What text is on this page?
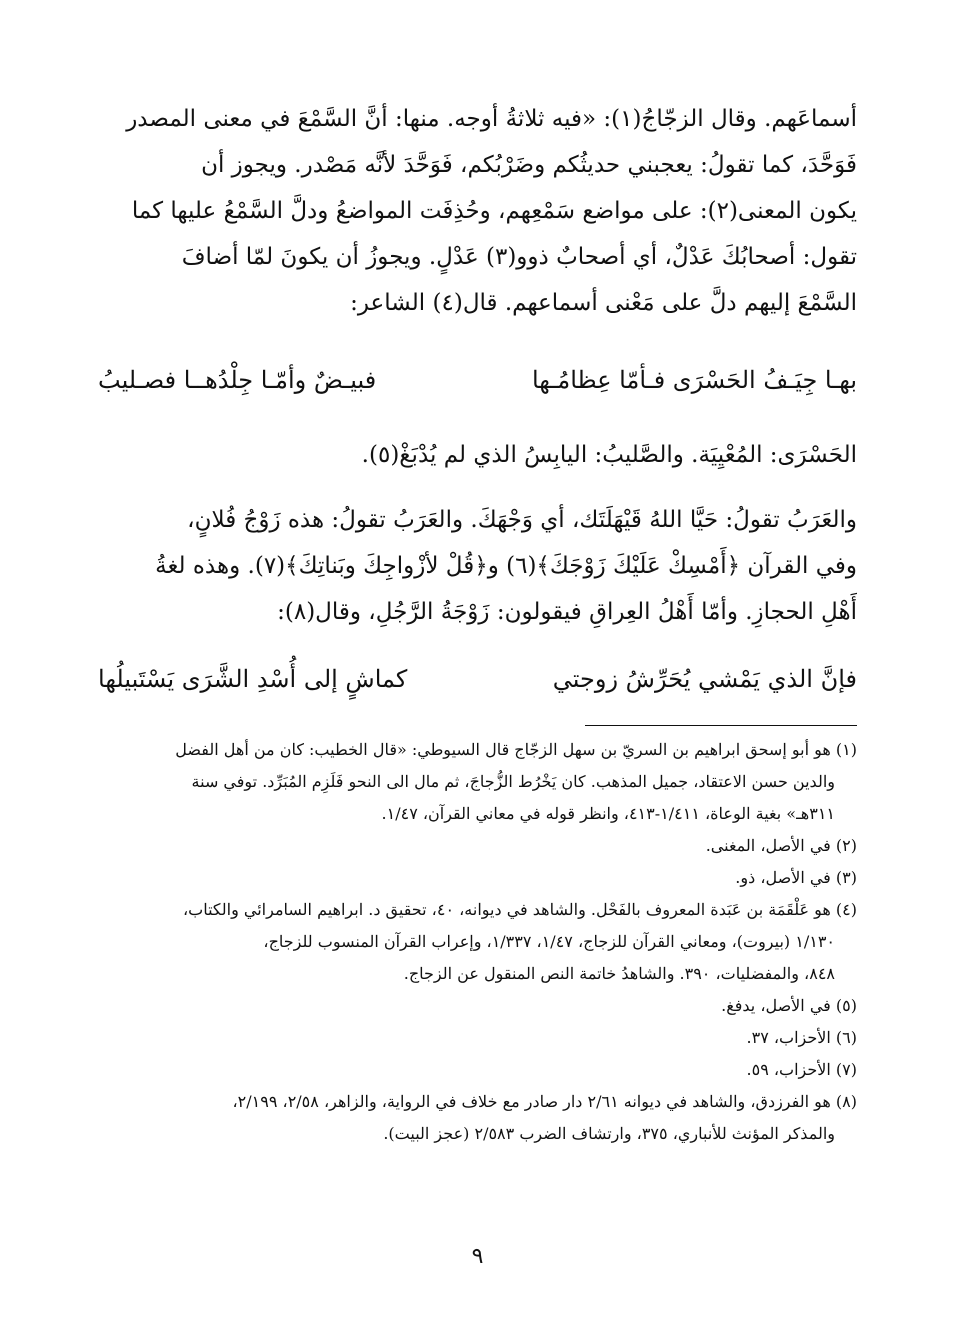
أسماعَهم. وقال الزجّاجُ(١): «فيه ثلاثةُ أوجه. منها: أنَّ السَّمْعَ في معنى المصدر

فَوَحَّدَ، كما تقولُ: يعجبني حديثُكم وضَرْبُكم، فَوَحَّدَ لأنَّه مَصْدر. ويجوز أن

يكون المعنى(٢): على مواضع سَمْعِهم، وحُذِفَت المواضعُ ودلَّ السَّمْعُ عليها كما

تقول: أصحابُكَ عَدْلٌ، أي أصحابٌ ذوو(٣) عَدْلٍ. ويجوزُ أن يكونَ لمّا أضافَ

السَّمْعَ إليهم دلَّ على مَعْنى أسماعهم. قال(٤) الشاعر:

بهـا جِيَـفُ الحَسْرَى فـأمّا عِظامُـها
فبيـضٌ وأمّـا جِلْدُهــا فصـليبُ

الحَسْرَى: المُعْيِيَة. والصَّليبُ: اليابِسُ الذي لم يُدْبَغْ(٥).

والعَرَبُ تقولُ: حَيَّا اللهُ قَيْهَلَتَك، أي وَجْهَكَ. والعَرَبُ تقولُ: هذه زَوْجُ فُلانٍ،

وفي القرآن ﴿أَمْسِكْ عَلَيْكَ زَوْجَكَ﴾(٦) و﴿قُلْ لأزْواجِكَ وبَناتِكَ﴾(٧). وهذه لغةُ

أَهْلِ الحجازِ. وأمّا أَهْلُ العِراقِ فيقولون: زَوْجَةُ الرَّجُلِ، وقال(٨):

فإنَّ الذي يَمْشي يُحَرِّشُ زوجتي
كماشٍ إلى أُسْدِ الشَّرَى يَسْتَبيلُها

(١) هو أبو إسحق ابراهيم بن السريّ بن سهل الزجّاج قال السيوطي: «قال الخطيب: كان من أهل الفضل

والدين حسن الاعتقاد، جميل المذهب. كان يَخْرُط الزُّجاجَ، ثم مال الى النحو فَلَزِم المُبَرِّد. توفي سنة

٣١١هـ» بغية الوعاة، ١/٤١١-٤١٣، وانظر قوله في معاني القرآن، ١/٤٧.

(٢) في الأصل، المغنى.

(٣) في الأصل، ذو.

(٤) هو عَلْقَمَة بن عَبَدة المعروف بالفَحْل. والشاهد في ديوانه، ٤٠، تحقيق د. ابراهيم السامرائي والكتاب،

١/١٣٠ (بيروت)، ومعاني القرآن للزجاج، ١/٤٧، ١/٣٣٧، وإعراب القرآن المنسوب للزجاج،

٨٤٨، والمفضليات، ٣٩٠. والشاهدُ خاتمة النص المنقول عن الزجاج.

(٥) في الأصل، يدفغ.

(٦) الأحزاب، ٣٧.

(٧) الأحزاب، ٥٩.

(٨) هو الفرزدق، والشاهد في ديوانه ٢/٦١ دار صادر مع خلاف في الرواية، والزاهر، ٢/٥٨، ٢/١٩٩،

والمذكر المؤنث للأنباري، ٣٧٥، وارتشاف الضرب ٢/٥٨٣ (عجز البيت).

٩
